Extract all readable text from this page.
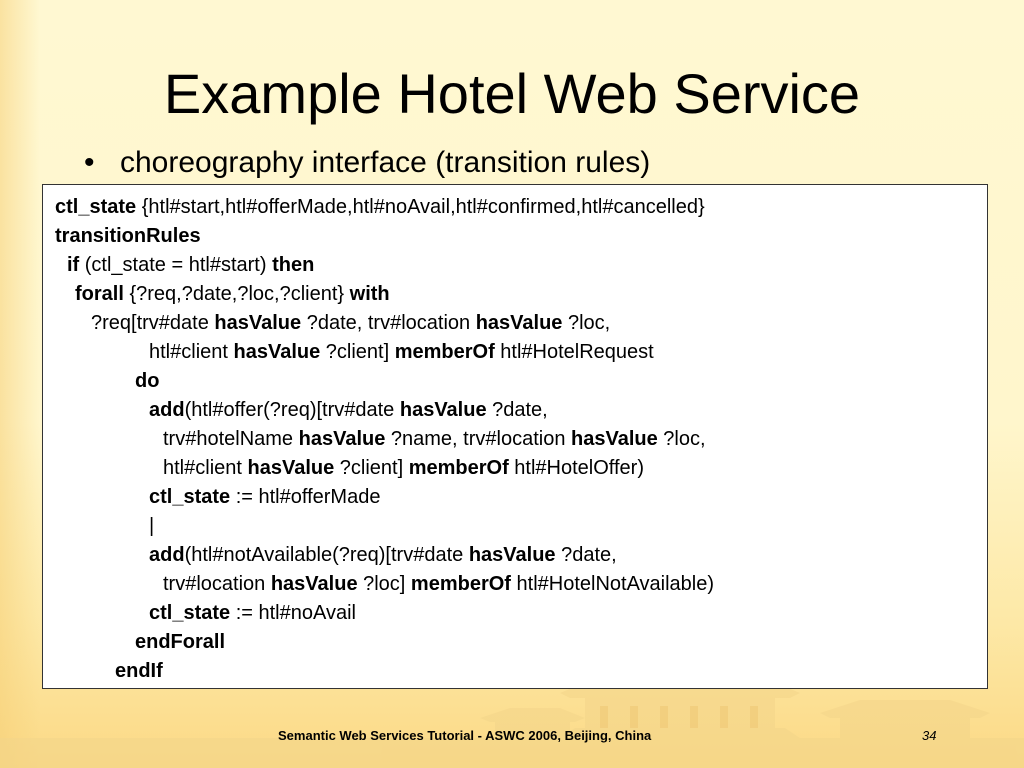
Example Hotel Web Service
• choreography interface (transition rules)
ctl_state {htl#start,htl#offerMade,htl#noAvail,htl#confirmed,htl#cancelled}
transitionRules
if (ctl_state = htl#start) then
forall {?req,?date,?loc,?client} with
?req[trv#date hasValue ?date, trv#location hasValue ?loc,
htl#client hasValue ?client] memberOf htl#HotelRequest
do
add(htl#offer(?req)[trv#date hasValue ?date,
trv#hotelName hasValue ?name, trv#location hasValue ?loc,
htl#client hasValue ?client] memberOf htl#HotelOffer)
ctl_state := htl#offerMade
|
add(htl#notAvailable(?req)[trv#date hasValue ?date,
trv#location hasValue ?loc] memberOf htl#HotelNotAvailable)
ctl_state := htl#noAvail
endForall
endIf
Semantic Web Services Tutorial - ASWC 2006, Beijing, China	34
